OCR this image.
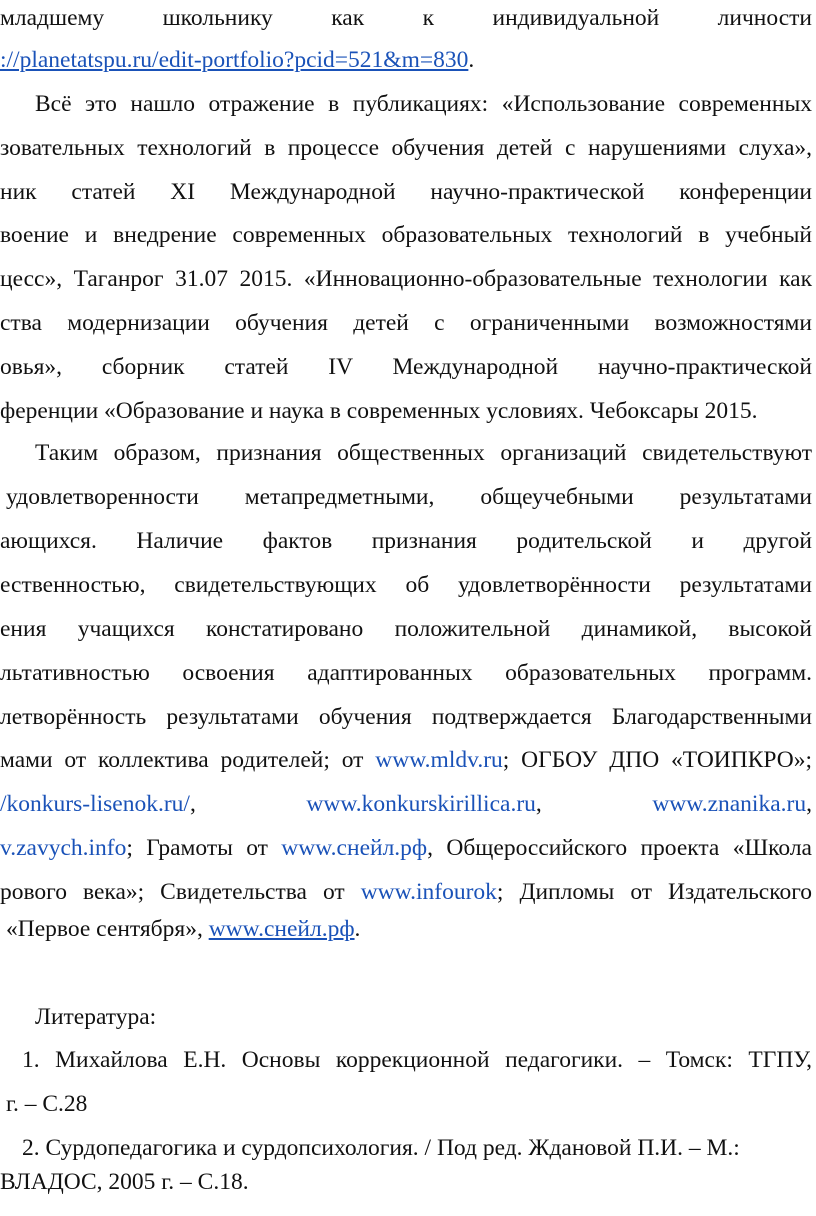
младшему школьнику как к индивидуальной личности
://planetatspu.ru/edit-portfolio?pcid=521&m=830.
Всё это нашло отражение в публикациях: «Использование современных
зовательных технологий в процессе обучения детей с нарушениями слуха»,
ник статей XI Международной научно-практической конференции
воение и внедрение современных образовательных технологий в учебный
цесс», Таганрог 31.07 2015. «Инновационно-образовательные технологии как
ства модернизации обучения детей с ограниченными возможностями
овья», сборник статей IV Международной научно-практической
ференции «Образование и наука в современных условиях. Чебоксары 2015.
Таким образом, признания общественных организаций свидетельствуют
удовлетворенности метапредметными, общеучебными результатами
ающихся. Наличие фактов признания родительской и другой
ественностью, свидетельствующих об удовлетворённости результатами
ения учащихся констатировано положительной динамикой, высокой
льтативностью освоения адаптированных образовательных программ.
летворённость результатами обучения подтверждается Благодарственными
мами от коллектива родителей; от www.mldv.ru; ОГБОУ ДПО «ТОИПКРО»;
/konkurs-lisenok.ru/,	www.konkurskirillica.ru,	www.znanika.ru,
v.zavych.info; Грамоты от www.снейл.рф, Общероссийского проекта «Школа
рового века»; Свидетельства от www.infourok; Дипломы от Издательского
«Первое сентября», www.снейл.рф.
Литература:
1. Михайлова Е.Н. Основы коррекционной педагогики. – Томск: ТГПУ,
г. – С.28
2. Сурдопедагогика и сурдопсихология. / Под ред. Ждановой П.И. – М.:
ВЛАДОС, 2005 г. – С.18.
